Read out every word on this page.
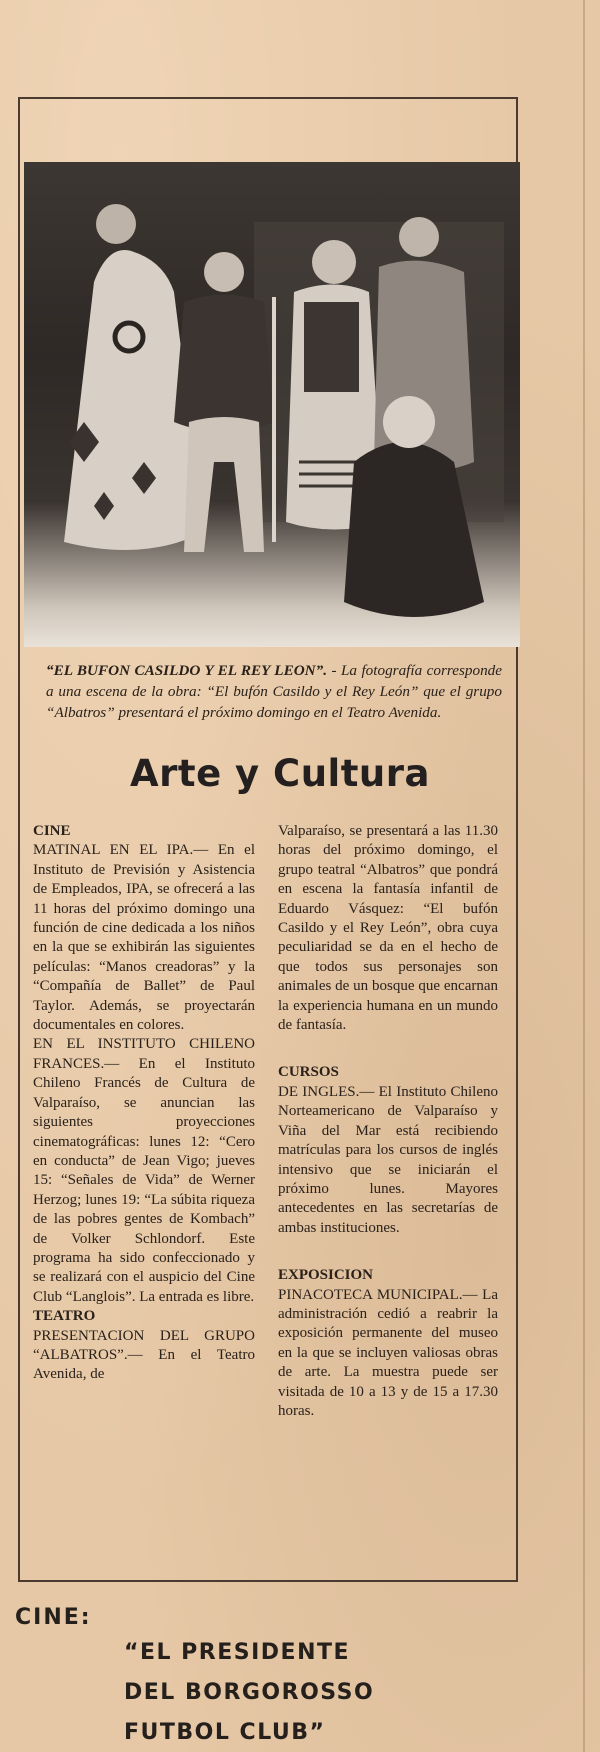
“EL BUFON CASILDO Y EL REY LEON”. - La fotografía corresponde a una escena de la obra: “El bufón Casildo y el Rey León” que el grupo “Albatros” presentará el próximo domingo en el Teatro Avenida.
Arte y Cultura

CINE

MATINAL EN EL IPA.— En el Instituto de Previsión y Asistencia de Empleados, IPA, se ofrecerá a las 11 horas del próximo domingo una función de cine dedicada a los niños en la que se exhibirán las siguientes películas: “Manos creadoras” y la “Compañía de Ballet” de Paul Taylor. Además, se proyectarán documentales en colores.

EN EL INSTITUTO CHILENO FRANCES.— En el Instituto Chileno Francés de Cultura de Valparaíso, se anuncian las siguientes proyecciones cinematográficas: lunes 12: “Cero en conducta” de Jean Vigo; jueves 15: “Señales de Vida” de Werner Herzog; lunes 19: “La súbita riqueza de las pobres gentes de Kombach” de Volker Schlondorf. Este programa ha sido confeccionado y se realizará con el auspicio del Cine Club “Langlois”. La entrada es libre.

TEATRO

PRESENTACION DEL GRUPO “ALBATROS”.— En el Teatro Avenida, de

Valparaíso, se presentará a las 11.30 horas del próximo domingo, el grupo teatral “Albatros” que pondrá en escena la fantasía infantil de Eduardo Vásquez: “El bufón Casildo y el Rey León”, obra cuya peculiaridad se da en el hecho de que todos sus personajes son animales de un bosque que encarnan la experiencia humana en un mundo de fantasía.

CURSOS

DE INGLES.— El Instituto Chileno Norteamericano de Valparaíso y Viña del Mar está recibiendo matrículas para los cursos de inglés intensivo que se iniciarán el próximo lunes. Mayores antecedentes en las secretarías de ambas instituciones.

EXPOSICION

PINACOTECA MUNICIPAL.— La administración cedió a reabrir la exposición permanente del museo en la que se incluyen valiosas obras de arte. La muestra puede ser visitada de 10 a 13 y de 15 a 17.30 horas.

CINE:
“EL PRESIDENTE
DEL BORGOROSSO
FUTBOL CLUB”
